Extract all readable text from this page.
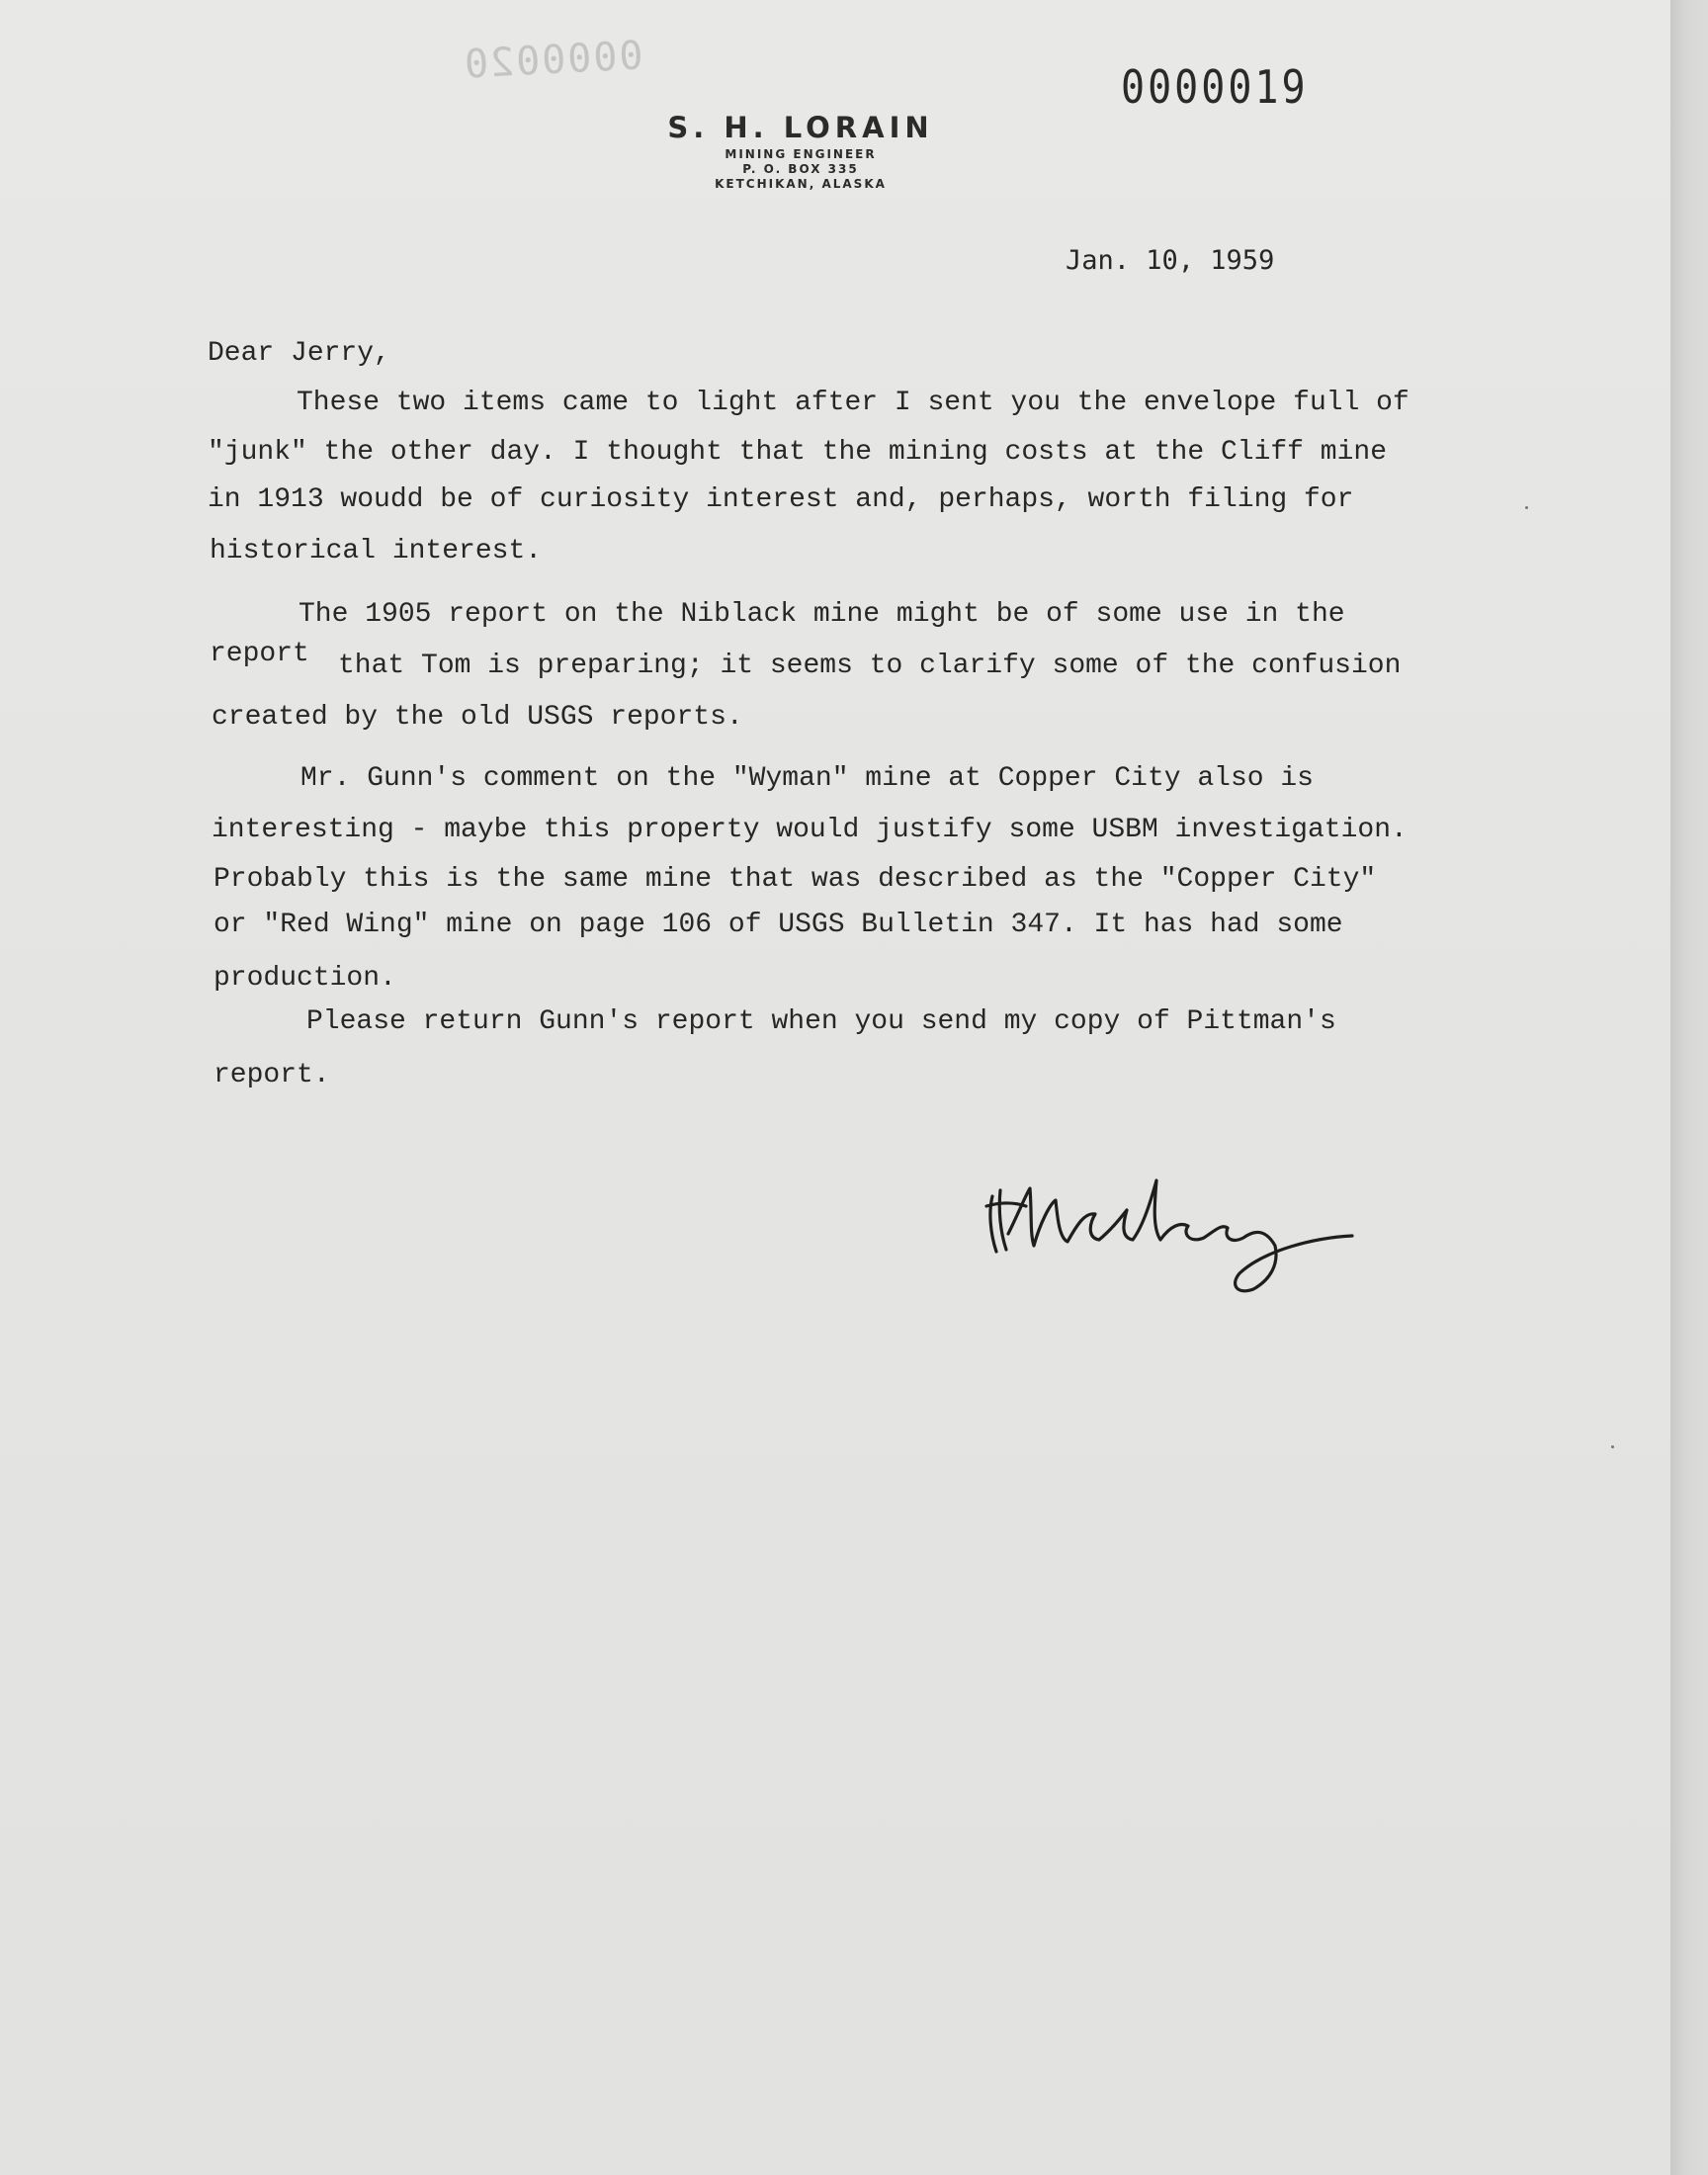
0000020
0000019
S. H. LORAIN
MINING ENGINEER
P. O. BOX 335
KETCHIKAN, ALASKA
Jan. 10, 1959
Dear Jerry,
These two items came to light after I sent you the envelope full of
"junk" the other day. I thought that the mining costs at the Cliff mine
in 1913 woudd be of curiosity interest and, perhaps, worth filing for
historical interest.
The 1905 report on the Niblack mine might be of some use in the
report that Tom is preparing; it seems to clarify some of the confusion
created by the old USGS reports.
Mr. Gunn's comment on the "Wyman" mine at Copper City also is
interesting - maybe this property would justify some USBM investigation.
Probably this is the same mine that was described as the "Copper City"
or "Red Wing" mine on page 106 of USGS Bulletin 347. It has had some
production.
Please return Gunn's report when you send my copy of Pittman's
report.
